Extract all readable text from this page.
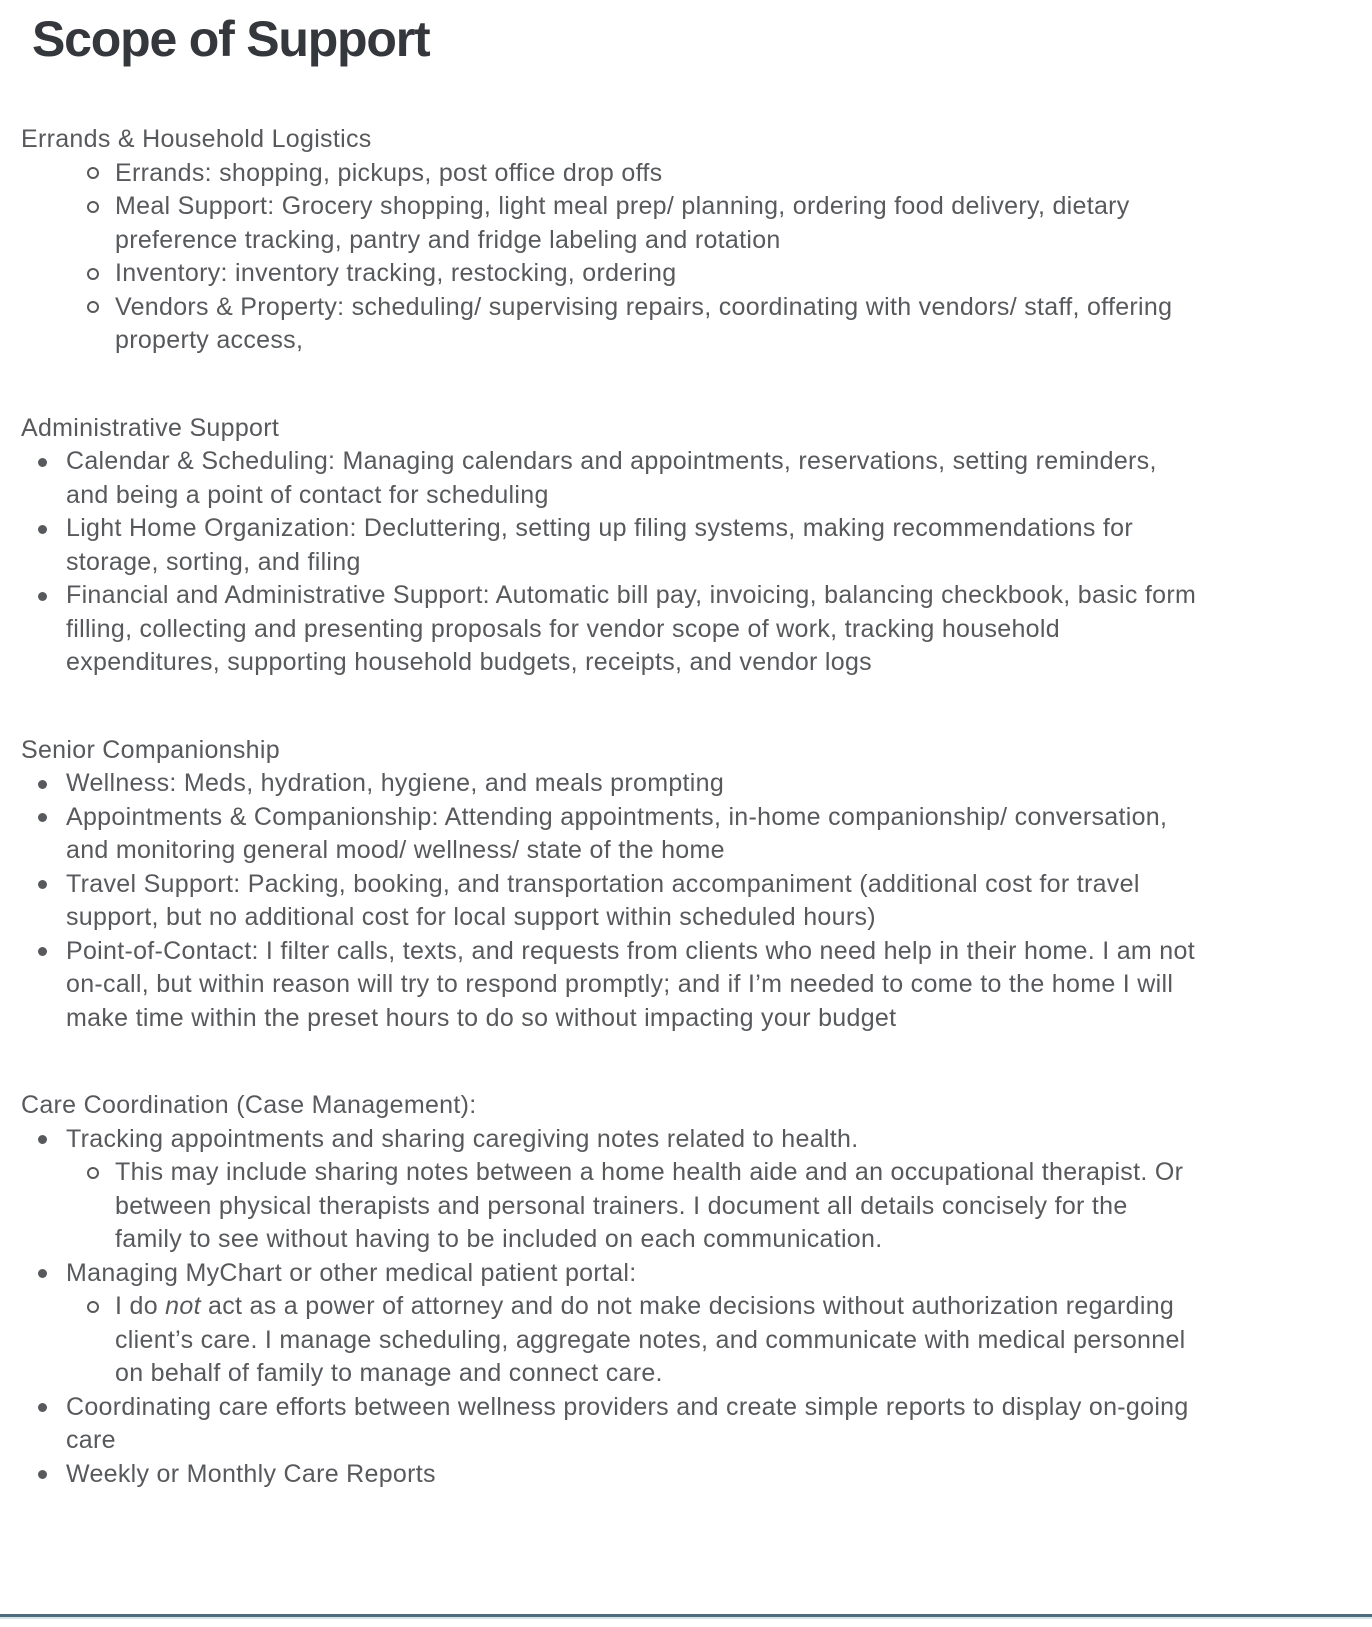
Scope of Support
Errands & Household Logistics
Errands: shopping, pickups, post office drop offs
Meal Support: Grocery shopping, light meal prep/ planning, ordering food delivery, dietary preference tracking, pantry and fridge labeling and rotation
Inventory: inventory tracking, restocking, ordering
Vendors & Property: scheduling/ supervising repairs, coordinating with vendors/ staff, offering property access,
Administrative Support
Calendar & Scheduling: Managing calendars and appointments, reservations, setting reminders, and being a point of contact for scheduling
Light Home Organization: Decluttering, setting up filing systems, making recommendations for storage, sorting, and filing
Financial and Administrative Support: Automatic bill pay, invoicing, balancing checkbook, basic form filling, collecting and presenting proposals for vendor scope of work, tracking household expenditures, supporting household budgets, receipts, and vendor logs
Senior Companionship
Wellness: Meds, hydration, hygiene, and meals prompting
Appointments & Companionship: Attending appointments, in-home companionship/ conversation, and monitoring general mood/ wellness/ state of the home
Travel Support: Packing, booking, and transportation accompaniment (additional cost for travel support, but no additional cost for local support within scheduled hours)
Point-of-Contact: I filter calls, texts, and requests from clients who need help in their home. I am not on-call, but within reason will try to respond promptly; and if I’m needed to come to the home I will make time within the preset hours to do so without impacting your budget
Care Coordination (Case Management):
Tracking appointments and sharing caregiving notes related to health.
This may include sharing notes between a home health aide and an occupational therapist. Or between physical therapists and personal trainers. I document all details concisely for the family to see without having to be included on each communication.
Managing MyChart or other medical patient portal:
I do not act as a power of attorney and do not make decisions without authorization regarding client’s care. I manage scheduling, aggregate notes, and communicate with medical personnel on behalf of family to manage and connect care.
Coordinating care efforts between wellness providers and create simple reports to display on-going care
Weekly or Monthly Care Reports
